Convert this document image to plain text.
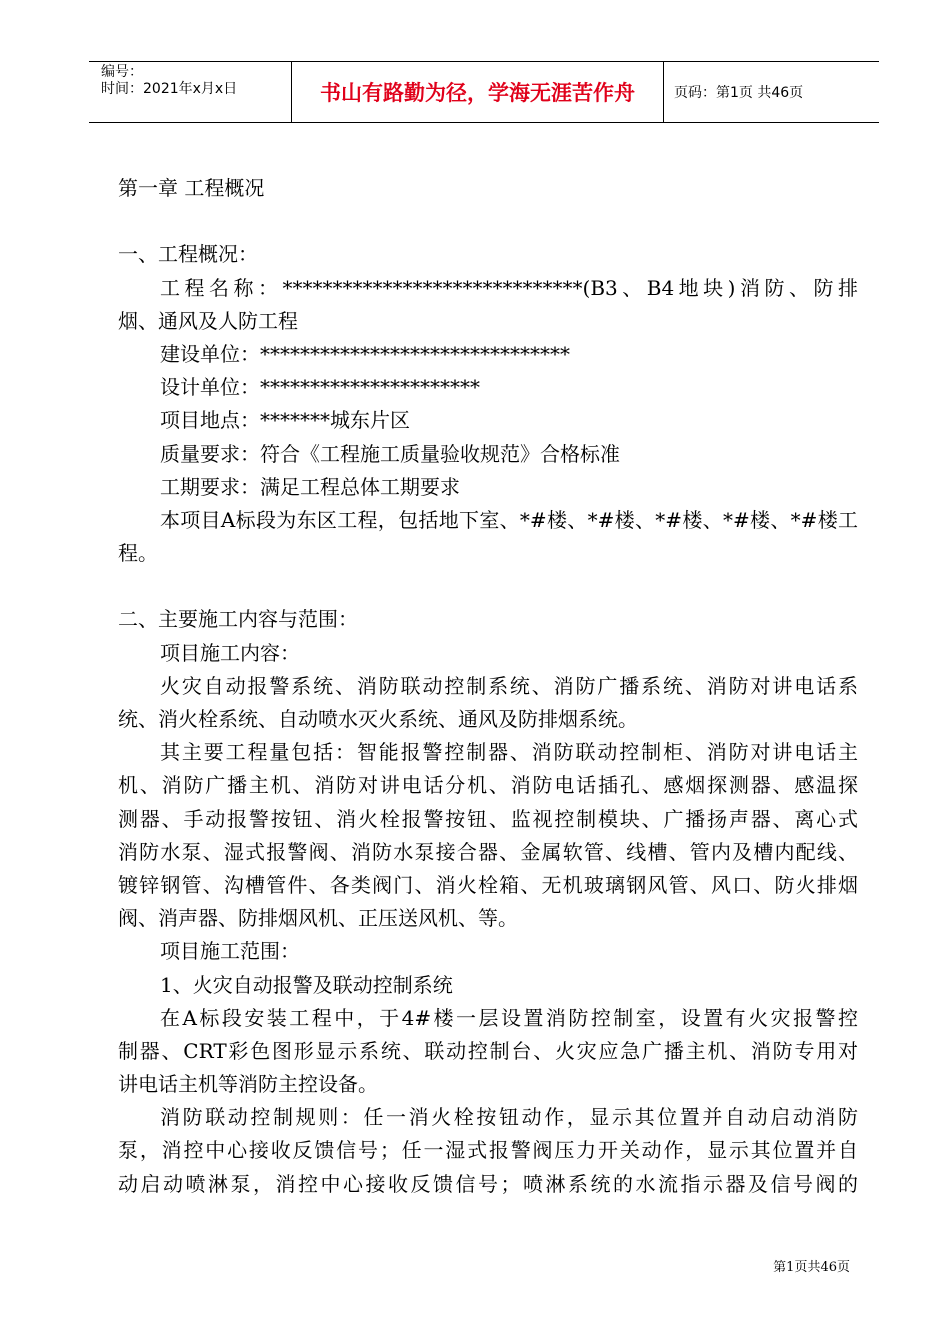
编号：
时间：2021年x月x日	书山有路勤为径，学海无涯苦作舟	页码：第1页 共46页
第一章 工程概况
一、工程概况：
工程名称：******************************(B3、B4地块)消防、防排
烟、通风及人防工程
建设单位：*******************************
设计单位：**********************
项目地点：*******城东片区
质量要求：符合《工程施工质量验收规范》合格标准
工期要求：满足工程总体工期要求
本项目A标段为东区工程，包括地下室、*#楼、*#楼、*#楼、*#楼、*#楼工
程。
二、主要施工内容与范围：
项目施工内容：
火灾自动报警系统、消防联动控制系统、消防广播系统、消防对讲电话系
统、消火栓系统、自动喷水灭火系统、通风及防排烟系统。
其主要工程量包括：智能报警控制器、消防联动控制柜、消防对讲电话主
机、消防广播主机、消防对讲电话分机、消防电话插孔、感烟探测器、感温探
测器、手动报警按钮、消火栓报警按钮、监视控制模块、广播扬声器、离心式
消防水泵、湿式报警阀、消防水泵接合器、金属软管、线槽、管内及槽内配线、
镀锌钢管、沟槽管件、各类阀门、消火栓箱、无机玻璃钢风管、风口、防火排烟
阀、消声器、防排烟风机、正压送风机、等。
项目施工范围：
1、火灾自动报警及联动控制系统
在A标段安装工程中，于4#楼一层设置消防控制室，设置有火灾报警控
制器、CRT彩色图形显示系统、联动控制台、火灾应急广播主机、消防专用对
讲电话主机等消防主控设备。
消防联动控制规则：任一消火栓按钮动作，显示其位置并自动启动消防
泵，消控中心接收反馈信号；任一湿式报警阀压力开关动作，显示其位置并自
动启动喷淋泵，消控中心接收反馈信号；喷淋系统的水流指示器及信号阀的
第1页共46页
